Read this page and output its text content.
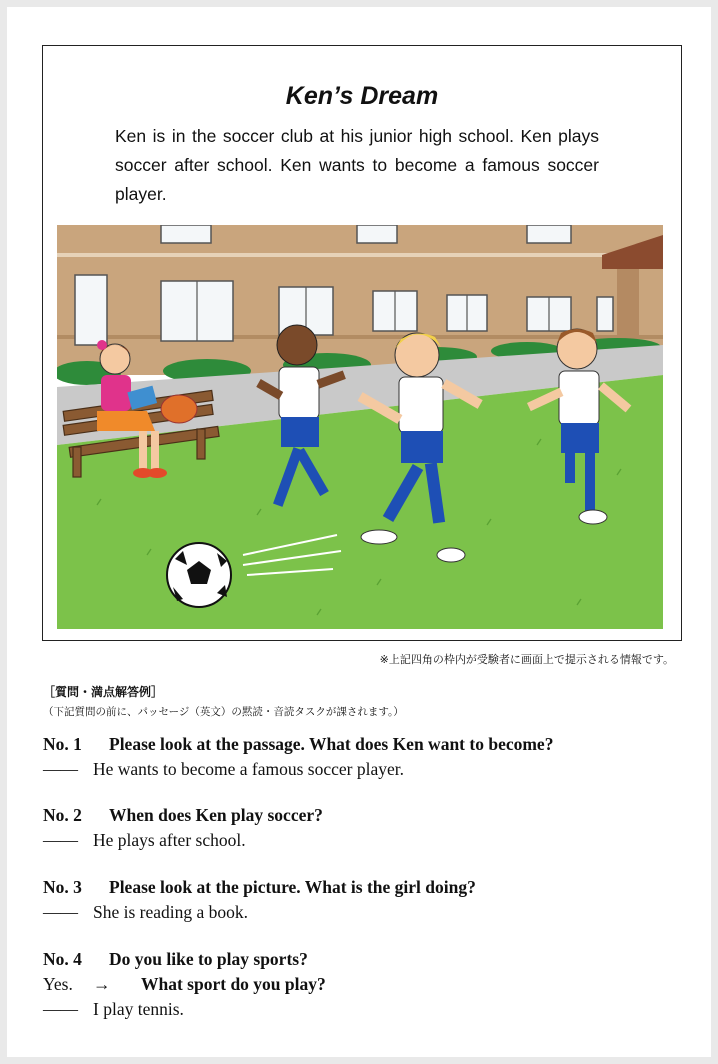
Ken’s Dream
Ken is in the soccer club at his junior high school. Ken plays soccer after school. Ken wants to become a famous soccer player.
※上記四角の枠内が受験者に画面上で提示される情報です。
［質問・満点解答例］
（下記質問の前に、パッセージ（英文）の黙読・音読タスクが課されます。）
No. 1 Please look at the passage. What does Ken want to become?
—— He wants to become a famous soccer player.
No. 2 When does Ken play soccer?
—— He plays after school.
No. 3 Please look at the picture. What is the girl doing?
—— She is reading a book.
No. 4 Do you like to play sports?
Yes. → What sport do you play?
—— I play tennis.
